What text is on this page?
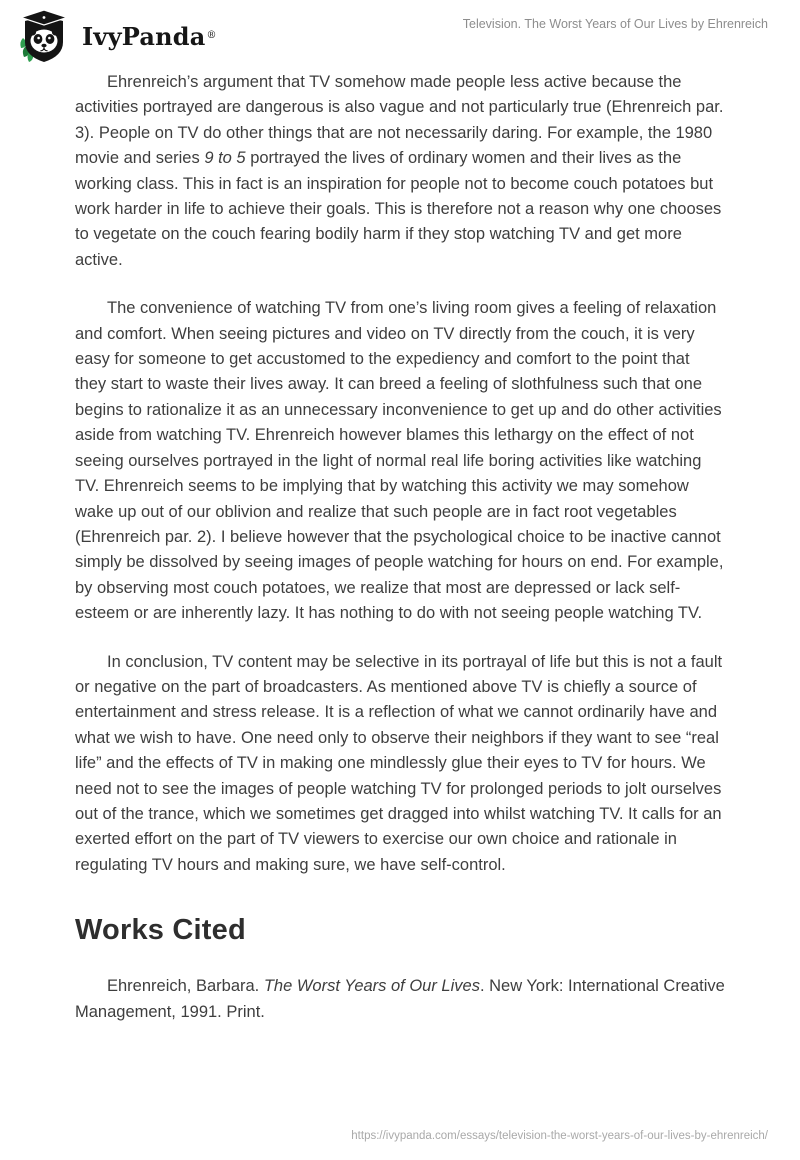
IvyPanda®
Television. The Worst Years of Our Lives by Ehrenreich

Ehrenreich’s argument that TV somehow made people less active because the activities portrayed are dangerous is also vague and not particularly true (Ehrenreich par. 3). People on TV do other things that are not necessarily daring. For example, the 1980 movie and series 9 to 5 portrayed the lives of ordinary women and their lives as the working class. This in fact is an inspiration for people not to become couch potatoes but work harder in life to achieve their goals. This is therefore not a reason why one chooses to vegetate on the couch fearing bodily harm if they stop watching TV and get more active.

The convenience of watching TV from one’s living room gives a feeling of relaxation and comfort. When seeing pictures and video on TV directly from the couch, it is very easy for someone to get accustomed to the expediency and comfort to the point that they start to waste their lives away. It can breed a feeling of slothfulness such that one begins to rationalize it as an unnecessary inconvenience to get up and do other activities aside from watching TV. Ehrenreich however blames this lethargy on the effect of not seeing ourselves portrayed in the light of normal real life boring activities like watching TV. Ehrenreich seems to be implying that by watching this activity we may somehow wake up out of our oblivion and realize that such people are in fact root vegetables (Ehrenreich par. 2). I believe however that the psychological choice to be inactive cannot simply be dissolved by seeing images of people watching for hours on end. For example, by observing most couch potatoes, we realize that most are depressed or lack self-esteem or are inherently lazy. It has nothing to do with not seeing people watching TV.

In conclusion, TV content may be selective in its portrayal of life but this is not a fault or negative on the part of broadcasters. As mentioned above TV is chiefly a source of entertainment and stress release. It is a reflection of what we cannot ordinarily have and what we wish to have. One need only to observe their neighbors if they want to see “real life” and the effects of TV in making one mindlessly glue their eyes to TV for hours. We need not to see the images of people watching TV for prolonged periods to jolt ourselves out of the trance, which we sometimes get dragged into whilst watching TV. It calls for an exerted effort on the part of TV viewers to exercise our own choice and rationale in regulating TV hours and making sure, we have self-control.

Works Cited

Ehrenreich, Barbara. The Worst Years of Our Lives. New York: International Creative Management, 1991. Print.

https://ivypanda.com/essays/television-the-worst-years-of-our-lives-by-ehrenreich/
